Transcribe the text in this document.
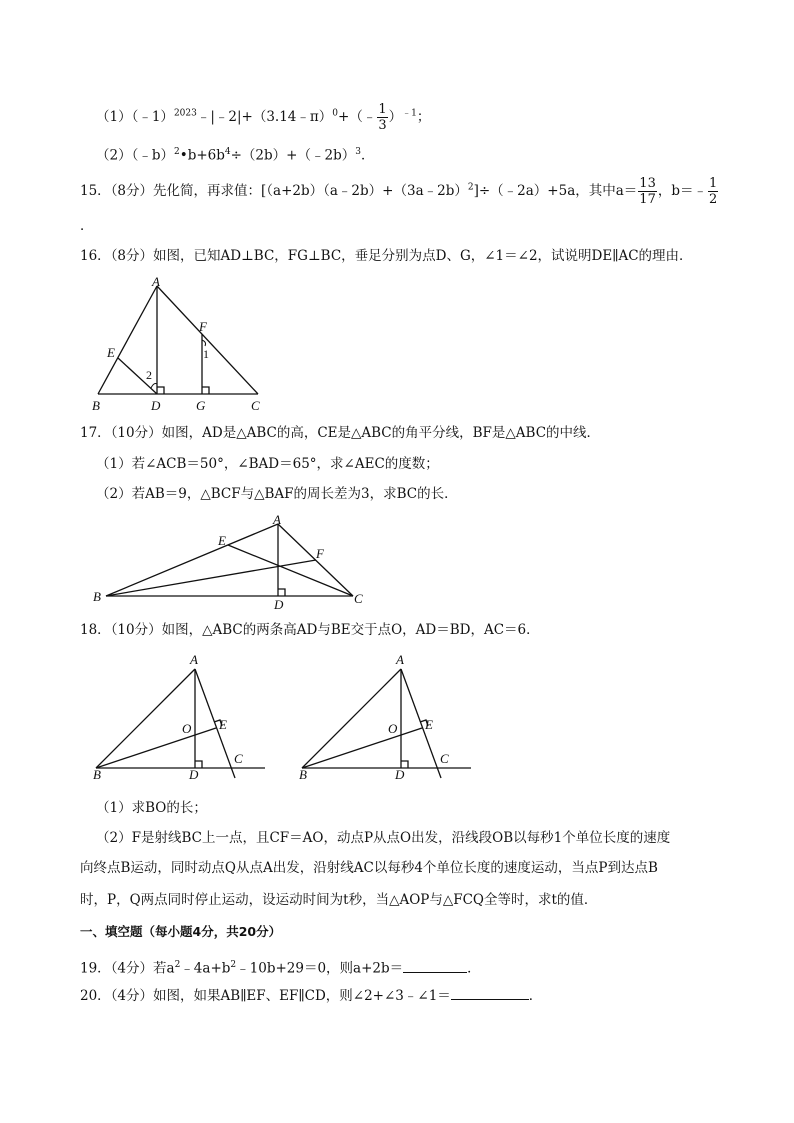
（1）（﹣1）$^{2023}$﹣|﹣2|+（3.14﹣π）$^0$+（﹣ $\frac{1}{3} )^{﹣1}$；
$(2)(﹣b)^2•b+6b^4\div(2b)+(﹣2b)^3$．
15．（8分）先化简，再求值：[（a+2b）（a﹣2b）+（3a﹣2b）$^2$]÷（﹣2a）+5a，其中$a= \frac{13}{17}$ ，b＝﹣ $\frac{1}{2}$
．
16．（8分）如图，已知AD⊥BC，FG⊥BC，垂足分别为点D、G，∠1＝∠2，试说明DE∥AC的理由．
A
B	C
D
E
F
G
1
2
17．（10分）如图，AD是△ABC的高，CE是△ABC的角平分线，BF是△ABC的中线．
（1）若∠ACB＝50°，∠BAD＝65°，求∠AEC的度数；
（2）若AB＝9，△BCF与△BAF的周长差为3，求BC的长．
A
B	C
D
E
F
18．（10分）如图，△ABC的两条高AD与BE交于点O，AD＝BD，AC＝6．
A
B
C
D
E
O
A
B
C
D
E
O
（1）求BO的长；
（2）F是射线BC上一点，且CF＝AO，动点P从点O出发，沿线段OB以每秒1个单位长度的速度
向终点B运动，同时动点Q从点A出发，沿射线AC以每秒4个单位长度的速度运动，当点P到达点B
时，P，Q两点同时停止运动，设运动时间为t秒，当△AOP与△FCQ全等时，求t的值．
一、填空题（每小题4分，共20分）
19．（4分）若$a^2﹣4a+b^2﹣10b+29=0$，则a+2b＝	．
20．（4分）如图，如果AB∥EF、EF∥CD，则∠2+∠3﹣∠1＝	．
